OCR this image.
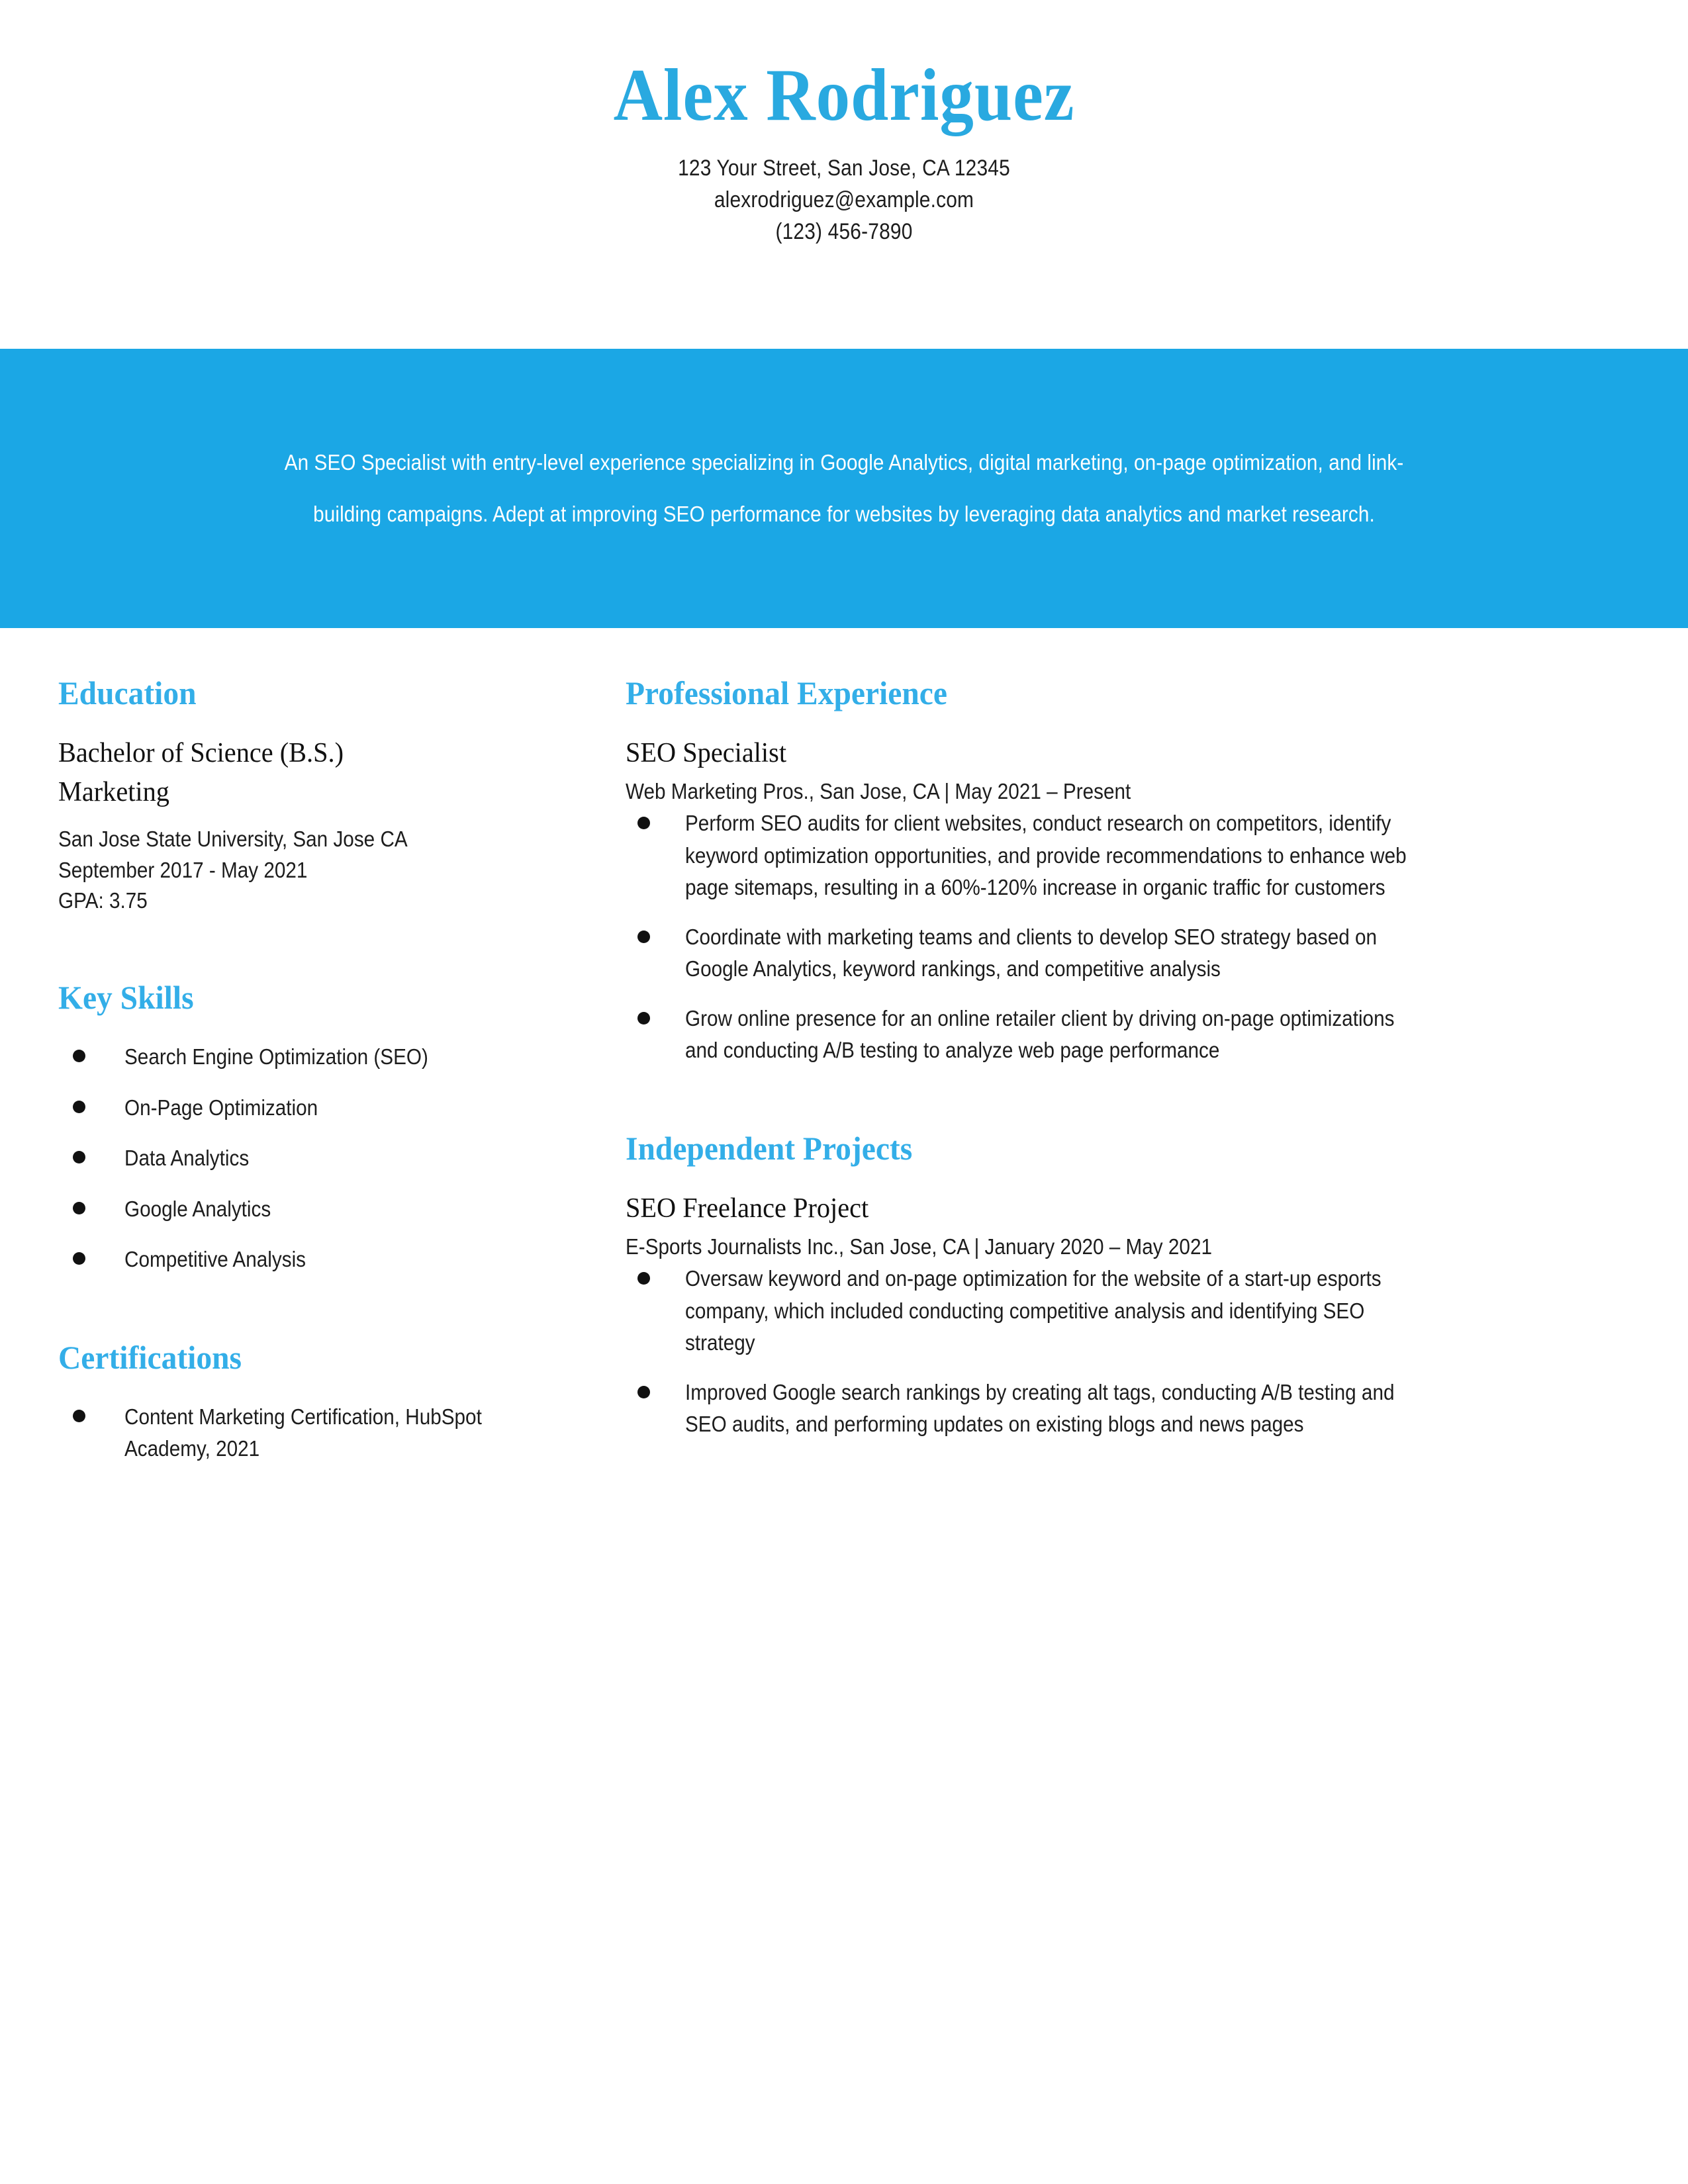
Alex Rodriguez
123 Your Street, San Jose, CA 12345
alexrodriguez@example.com
(123) 456-7890
An SEO Specialist with entry-level experience specializing in Google Analytics, digital marketing, on-page optimization, and link-building campaigns. Adept at improving SEO performance for websites by leveraging data analytics and market research.
Education
Bachelor of Science (B.S.)
Marketing
San Jose State University, San Jose CA
September 2017 - May 2021
GPA: 3.75
Key Skills
Search Engine Optimization (SEO)
On-Page Optimization
Data Analytics
Google Analytics
Competitive Analysis
Certifications
Content Marketing Certification, HubSpot Academy, 2021
Professional Experience
SEO Specialist
Web Marketing Pros., San Jose, CA | May 2021 – Present
Perform SEO audits for client websites, conduct research on competitors, identify keyword optimization opportunities, and provide recommendations to enhance web page sitemaps, resulting in a 60%-120% increase in organic traffic for customers
Coordinate with marketing teams and clients to develop SEO strategy based on Google Analytics, keyword rankings, and competitive analysis
Grow online presence for an online retailer client by driving on-page optimizations and conducting A/B testing to analyze web page performance
Independent Projects
SEO Freelance Project
E-Sports Journalists Inc., San Jose, CA | January 2020 – May 2021
Oversaw keyword and on-page optimization for the website of a start-up esports company, which included conducting competitive analysis and identifying SEO strategy
Improved Google search rankings by creating alt tags, conducting A/B testing and SEO audits, and performing updates on existing blogs and news pages
